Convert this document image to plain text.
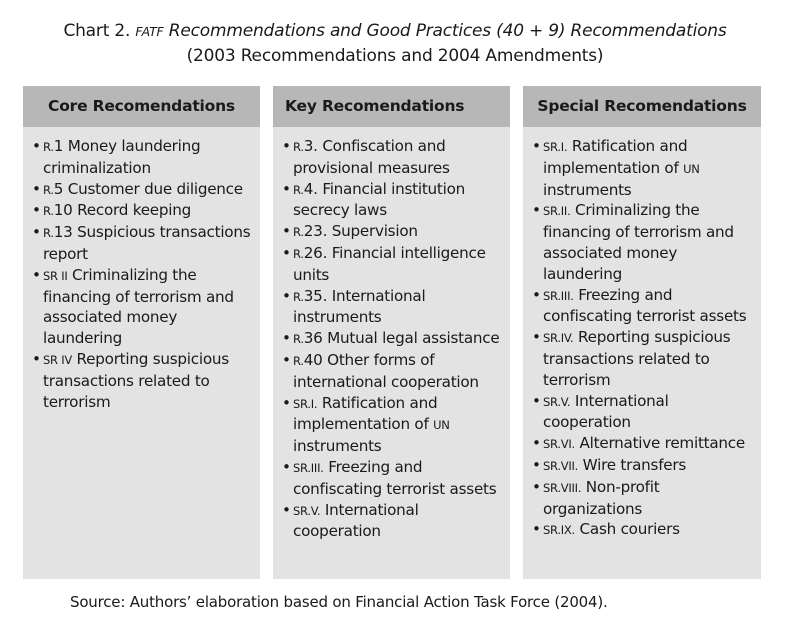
Chart 2. FATF Recommendations and Good Practices (40 + 9) Recommendations
(2003 Recommendations and 2004 Amendments)
Core Recomendations
• R.1 Money laundering criminalization
• R.5 Customer due diligence
• R.10 Record keeping
• R.13 Suspicious transactions report
• SR II Criminalizing the financing of terrorism and associated money laundering
• SR IV Reporting suspicious transactions related to terrorism
Key Recomendations
• R.3. Confiscation and provisional measures
• R.4. Financial institution secrecy laws
• R.23. Supervision
• R.26. Financial intelligence units
• R.35. International instruments
• R.36 Mutual legal assistance
• R.40 Other forms of international cooperation
• SR.I. Ratification and implementation of UN instruments
• SR.III. Freezing and confiscating terrorist assets
• SR.V. International cooperation
Special Recomendations
• SR.I. Ratification and implementation of UN instruments
• SR.II. Criminalizing the financing of terrorism and associated money laundering
• SR.III. Freezing and confiscating terrorist assets
• SR.IV. Reporting suspicious transactions related to terrorism
• SR.V. International cooperation
• SR.VI. Alternative remittance
• SR.VII. Wire transfers
• SR.VIII. Non-profit organizations
• SR.IX. Cash couriers
Source: Authors’ elaboration based on Financial Action Task Force (2004).
